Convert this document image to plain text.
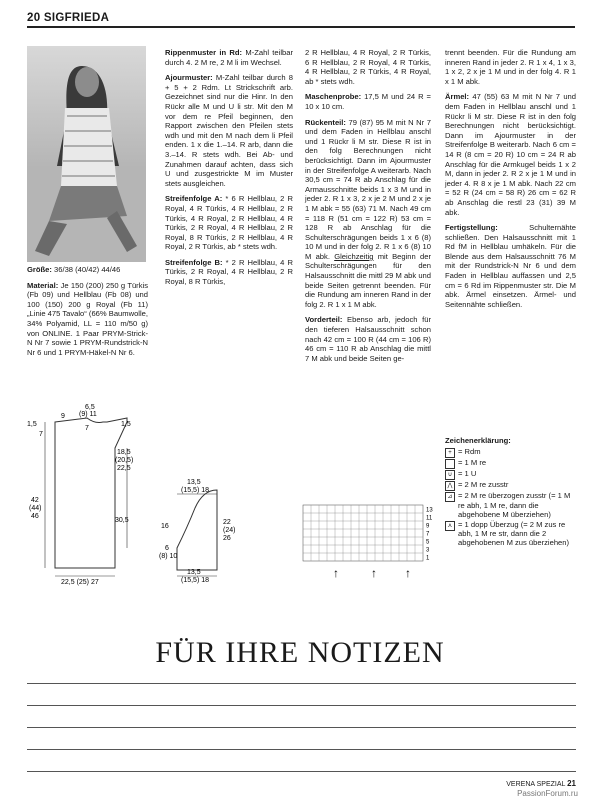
20 SIGFRIEDA

Größe: 36/38 (40/42) 44/46

Material: Je 150 (200) 250 g Türkis (Fb 09) und Hellblau (Fb 08) und 100 (150) 200 g Royal (Fb 11) „Linie 475 Tavalo“ (66% Baumwolle, 34% Polyamid, LL = 110 m/50 g) von ONLINE. 1 Paar PRYM-Strick-N Nr 7 sowie 1 PRYM-Rundstrick-N Nr 6 und 1 PRYM-Häkel-N Nr 6.

Rippenmuster in Rd: M-Zahl teilbar durch 4. 2 M re, 2 M li im Wechsel.

Ajourmuster: M-Zahl teilbar durch 8 + 5 + 2 Rdm. Lt Strickschrift arb. Gezeichnet sind nur die Hinr. In den Rückr alle M und U li str. Mit den M vor dem re Pfeil beginnen, den Rapport zwischen den Pfeilen stets wdh und mit den M nach dem li Pfeil enden. 1 x die 1.–14. R arb, dann die 3.–14. R stets wdh. Bei Ab- und Zunahmen darauf achten, dass sich U und zusgestrickte M im Muster stets ausgleichen.

Streifenfolge A: * 6 R Hellblau, 2 R Royal, 4 R Türkis, 4 R Hellblau, 2 R Türkis, 4 R Royal, 2 R Hellblau, 4 R Türkis, 2 R Royal, 4 R Hellblau, 2 R Royal, 8 R Türkis, 2 R Hellblau, 4 R Royal, 2 R Türkis, ab * stets wdh.

Streifenfolge B: * 2 R Hellblau, 4 R Türkis, 2 R Royal, 4 R Hellblau, 2 R Royal, 8 R Türkis,

2 R Hellblau, 4 R Royal, 2 R Türkis, 6 R Hellblau, 2 R Royal, 4 R Türkis, 4 R Hellblau, 2 R Türkis, 4 R Royal, ab * stets wdh.

Maschenprobe: 17,5 M und 24 R = 10 x 10 cm.

Rückenteil: 79 (87) 95 M mit N Nr 7 und dem Faden in Hellblau anschl und 1 Rückr li M str. Diese R ist in den folg Berechnungen nicht berücksichtigt. Dann im Ajourmuster in der Streifenfolge A weiterarb. Nach 30,5 cm = 74 R ab Anschlag für die Armausschnitte beids 1 x 3 M und in jeder 2. R 1 x 3, 2 x je 2 M und 2 x je 1 M abk = 55 (63) 71 M. Nach 49 cm = 118 R (51 cm = 122 R) 53 cm = 128 R ab Anschlag für die Schulterschrägungen beids 1 x 6 (8) 10 M und in der folg 2. R 1 x 6 (8) 10 M abk. Gleichzeitig mit Beginn der Schulterschrägungen für den Halsausschnitt die mittl 29 M abk und beide Seiten getrennt beenden. Für die Rundung am inneren Rand in der folg 2. R 1 x 1 M abk.

Vorderteil: Ebenso arb, jedoch für den tieferen Halsausschnitt schon nach 42 cm = 100 R (44 cm = 106 R) 46 cm = 110 R ab Anschlag die mittl 7 M abk und beide Seiten ge-

trennt beenden. Für die Rundung am inneren Rand in jeder 2. R 1 x 4, 1 x 3, 1 x 2, 2 x je 1 M und in der folg 4. R 1 x 1 M abk.

Ärmel: 47 (55) 63 M mit N Nr 7 und dem Faden in Hellblau anschl und 1 Rückr li M str. Diese R ist in den folg Berechnungen nicht berücksichtigt. Dann im Ajourmuster in der Streifenfolge B weiterarb. Nach 6 cm = 14 R (8 cm = 20 R) 10 cm = 24 R ab Anschlag für die Armkugel beids 1 x 2 M, dann in jeder 2. R 2 x je 1 M und in jeder 4. R 8 x je 1 M abk. Nach 22 cm = 52 R (24 cm = 58 R) 26 cm = 62 R ab Anschlag die restl 23 (31) 39 M abk.

Fertigstellung:	Schulternähte schließen. Den Halsausschnitt mit 1 Rd fM in Hellblau umhäkeln. Für die Blende aus dem Halsausschnitt 76 M mit der Rundstrick-N Nr 6 und dem Faden in Hellblau auffassen und 2,5 cm = 6 Rd im Rippenmuster str. Die M abk. Ärmel einsetzen. Ärmel- und Seitennähte schließen.

Zeichenerklärung:
+ = Rdm
= 1 M re
∪ = 1 U
⋀ = 2 M re zusstr
⊿ = 2 M re überzogen zusstr (= 1 M re abh, 1 M re, dann die abgehobene M überziehen)
⋏ = 1 dopp Überzug (= 2 M zus re abh, 1 M re str, dann die 2 abgehobenen M zus überziehen)
1,5
9
6,5
(9) 11
1,5
7
7
18,5
(20,5)
22,5
42
(44)
46
30,5
22,5 (25) 27
13,5
(15,5) 18
16
22
(24)
26
6
(8) 10
13,5
(15,5) 18
13
11
9
7
5
3
1
↑	↑ ↑
FÜR IHRE NOTIZEN
VERENA SPEZIAL 21
PassionForum.ru
